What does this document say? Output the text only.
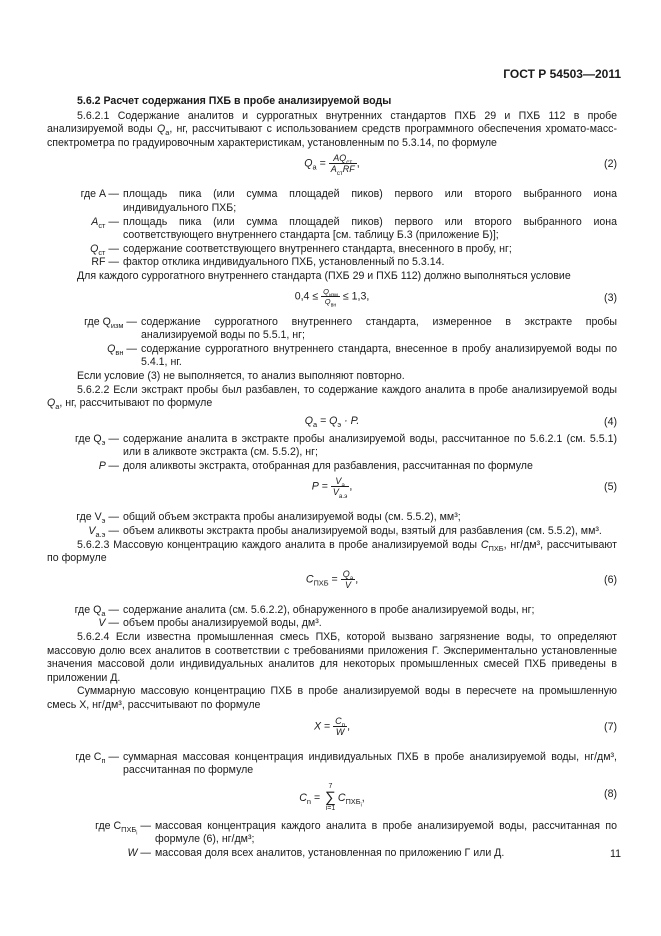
ГОСТ Р 54503—2011
5.6.2 Расчет содержания ПХБ в пробе анализируемой воды

5.6.2.1 Содержание аналитов и суррогатных внутренних стандартов ПХБ 29 и ПХБ 112 в пробе анализируемой воды $Q_а$, нг, рассчитывают с использованием средств программного обеспечения хромато-масс-спектрометра по градуировочным характеристикам, установленным по 5.3.14, по формуле

$Q_а = \frac{AQ_{ст}}{A_{ст}RF}$ ,	(2)
где A — площадь пика (или сумма площадей пиков) первого или второго выбранного иона индивидуального ПХБ;
$A_{ст}$ — площадь пика (или сумма площадей пиков) первого или второго выбранного иона соответствующего внутреннего стандарта [см. таблицу Б.3 (приложение Б)];
$Q_{ст}$ — содержание соответствующего внутреннего стандарта, внесенного в пробу, нг;
RF — фактор отклика индивидуального ПХБ, установленный по 5.3.14.

Для каждого суррогатного внутреннего стандарта (ПХБ 29 и ПХБ 112) должно выполняться условие

$0,4 \le \frac{Q_{изм}}{Q_{вн}} \le 1,3$,	(3)
где $Q_{изм}$ — содержание суррогатного внутреннего стандарта, измеренное в экстракте пробы анализируемой воды по 5.5.1, нг;
$Q_{вн}$ — содержание суррогатного внутреннего стандарта, внесенное в пробу анализируемой воды по 5.4.1, нг.

Если условие (3) не выполняется, то анализ выполняют повторно.

5.6.2.2 Если экстракт пробы был разбавлен, то содержание каждого аналита в пробе анализируемой воды $Q_а$, нг, рассчитывают по формуле

$Q_а = Q_э \cdot P$.	(4)
где $Q_э$ — содержание аналита в экстракте пробы анализируемой воды, рассчитанное по 5.6.2.1 (см. 5.5.1) или в аликвоте экстракта (см. 5.5.2), нг;
P — доля аликвоты экстракта, отобранная для разбавления, рассчитанная по формуле
$P = \frac{V_а}{V_{а.э}}$ ,	(5)
где $V_э$ — общий объем экстракта пробы анализируемой воды (см. 5.5.2), мм³;
$V_{а.э}$ — объем аликвоты экстракта пробы анализируемой воды, взятый для разбавления (см. 5.5.2), мм³.

5.6.2.3 Массовую концентрацию каждого аналита в пробе анализируемой воды $C_{ПХБ}$, нг/дм³, рассчитывают по формуле

$C_{ПХБ} = \frac{Q_а}{V}$ ,	(6)
где $Q_а$ — содержание аналита (см. 5.6.2.2), обнаруженного в пробе анализируемой воды, нг;
V — объем пробы анализируемой воды, дм³.

5.6.2.4 Если известна промышленная смесь ПХБ, которой вызвано загрязнение воды, то определяют массовую долю всех аналитов в соответствии с требованиями приложения Г. Экспериментально установленные значения массовой доли индивидуальных аналитов для некоторых промышленных смесей ПХБ приведены в приложении Д.

Суммарную массовую концентрацию ПХБ в пробе анализируемой воды в пересчете на промышленную смесь X, нг/дм³, рассчитывают по формуле

$X = \frac{C_п}{W}$ ,	(7)
где $C_п$ — суммарная массовая концентрация индивидуальных ПХБ в пробе анализируемой воды, нг/дм³, рассчитанная по формуле
$C_n = 7$
∑
$i=1C_{ПХБ_i}$,	(8)
где $C_{ПХБ_i}$ — массовая концентрация каждого аналита в пробе анализируемой воды, рассчитанная по формуле (6), нг/дм³;
W — массовая доля всех аналитов, установленная по приложению Г или Д.	11
